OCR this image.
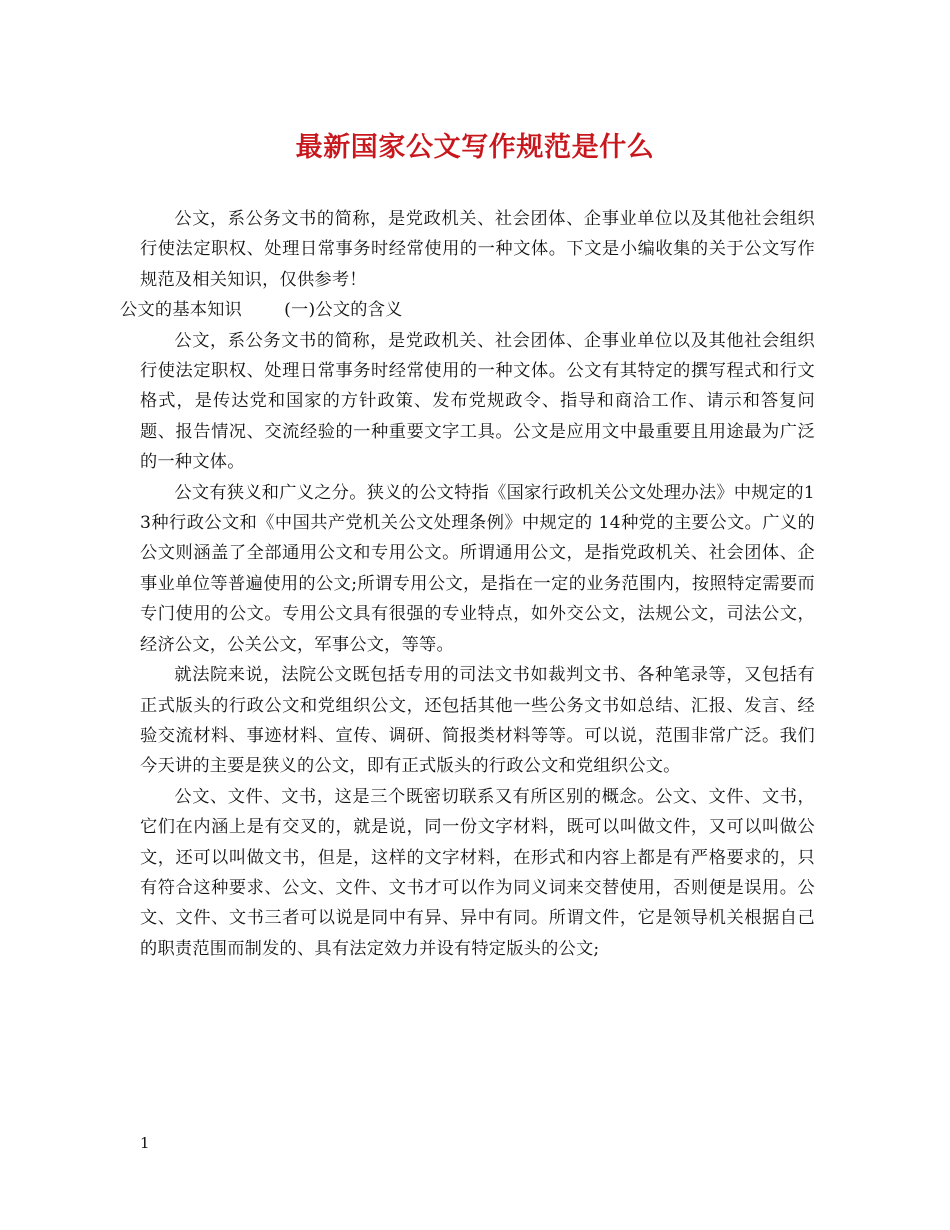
最新国家公文写作规范是什么

公文，系公务文书的简称，是党政机关、社会团体、企事业单位以及其他社会组织行使法定职权、处理日常事务时经常使用的一种文体。下文是小编收集的关于公文写作规范及相关知识，仅供参考！

公文的基本知识 (一)公文的含义

公文，系公务文书的简称，是党政机关、社会团体、企事业单位以及其他社会组织行使法定职权、处理日常事务时经常使用的一种文体。公文有其特定的撰写程式和行文格式，是传达党和国家的方针政策、发布党规政令、指导和商洽工作、请示和答复问题、报告情况、交流经验的一种重要文字工具。公文是应用文中最重要且用途最为广泛的一种文体。

公文有狭义和广义之分。狭义的公文特指《国家行政机关公文处理办法》中规定的13种行政公文和《中国共产党机关公文处理条例》中规定的 14种党的主要公文。广义的公文则涵盖了全部通用公文和专用公文。所谓通用公文，是指党政机关、社会团体、企事业单位等普遍使用的公文;所谓专用公文，是指在一定的业务范围内，按照特定需要而专门使用的公文。专用公文具有很强的专业特点，如外交公文，法规公文，司法公文，经济公文，公关公文，军事公文，等等。

就法院来说，法院公文既包括专用的司法文书如裁判文书、各种笔录等，又包括有正式版头的行政公文和党组织公文，还包括其他一些公务文书如总结、汇报、发言、经验交流材料、事迹材料、宣传、调研、简报类材料等等。可以说，范围非常广泛。我们今天讲的主要是狭义的公文，即有正式版头的行政公文和党组织公文。

公文、文件、文书，这是三个既密切联系又有所区别的概念。公文、文件、文书，它们在内涵上是有交叉的，就是说，同一份文字材料，既可以叫做文件，又可以叫做公文，还可以叫做文书，但是，这样的文字材料，在形式和内容上都是有严格要求的，只有符合这种要求、公文、文件、文书才可以作为同义词来交替使用，否则便是误用。公文、文件、文书三者可以说是同中有异、异中有同。所谓文件，它是领导机关根据自己的职责范围而制发的、具有法定效力并设有特定版头的公文;

1
